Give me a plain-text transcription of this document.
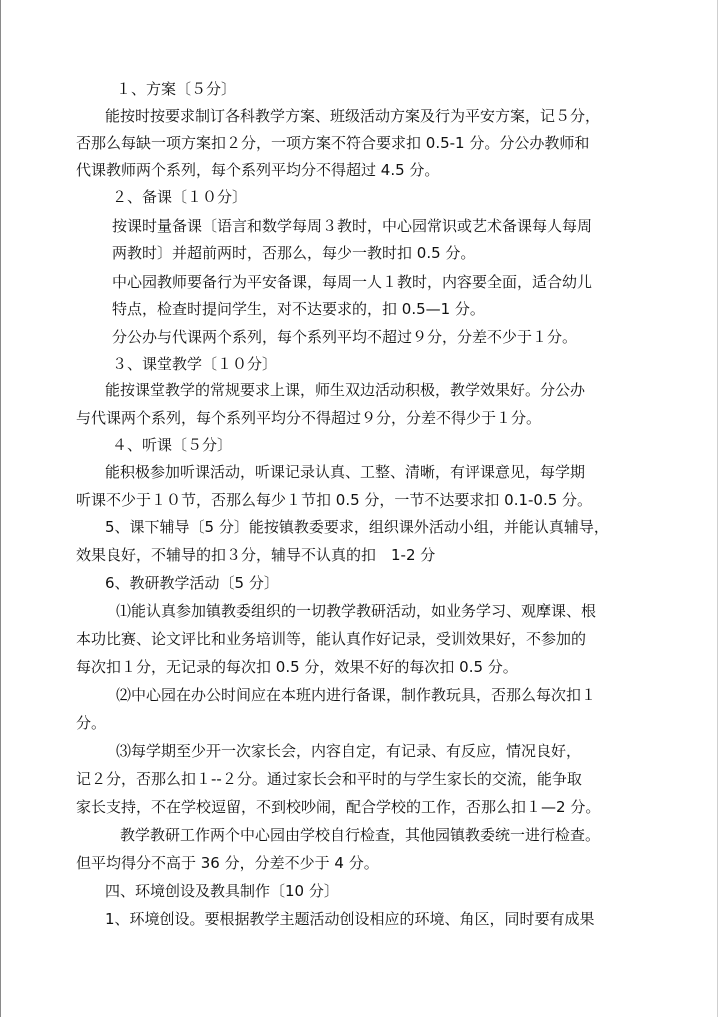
１、方案〔５分〕
能按时按要求制订各科教学方案、班级活动方案及行为平安方案，记５分，
否那么每缺一项方案扣２分，一项方案不符合要求扣 0.5-1 分。分公办教师和
代课教师两个系列，每个系列平均分不得超过 4.5 分。
２、备课〔１０分〕
按课时量备课〔语言和数学每周３教时，中心园常识或艺术备课每人每周
两教时〕并超前两时，否那么，每少一教时扣 0.5 分。
中心园教师要备行为平安备课，每周一人１教时，内容要全面，适合幼儿
特点，检查时提问学生，对不达要求的，扣 0.5—1 分。
分公办与代课两个系列，每个系列平均不超过９分，分差不少于１分。
３、课堂教学〔１０分〕
能按课堂教学的常规要求上课，师生双边活动积极，教学效果好。分公办
与代课两个系列，每个系列平均分不得超过９分，分差不得少于１分。
４、听课〔５分〕
能积极参加听课活动，听课记录认真、工整、清晰，有评课意见，每学期
听课不少于１０节，否那么每少１节扣 0.5 分，一节不达要求扣 0.1-0.5 分。
5、课下辅导〔5 分〕能按镇教委要求，组织课外活动小组，并能认真辅导，
效果良好，不辅导的扣３分，辅导不认真的扣　1-2 分
6、教研教学活动〔5 分〕
⑴能认真参加镇教委组织的一切教学教研活动，如业务学习、观摩课、根
本功比赛、论文评比和业务培训等，能认真作好记录，受训效果好，不参加的
每次扣１分，无记录的每次扣 0.5 分，效果不好的每次扣 0.5 分。
⑵中心园在办公时间应在本班内进行备课，制作教玩具，否那么每次扣１
分。
⑶每学期至少开一次家长会，内容自定，有记录、有反应，情况良好，
记２分，否那么扣１--２分。通过家长会和平时的与学生家长的交流，能争取
家长支持，不在学校逗留，不到校吵闹，配合学校的工作，否那么扣１—2 分。
教学教研工作两个中心园由学校自行检查，其他园镇教委统一进行检查。
但平均得分不高于 36 分，分差不少于 4 分。
四、环境创设及教具制作〔10 分〕
1、环境创设。要根据教学主题活动创设相应的环境、角区，同时要有成果
